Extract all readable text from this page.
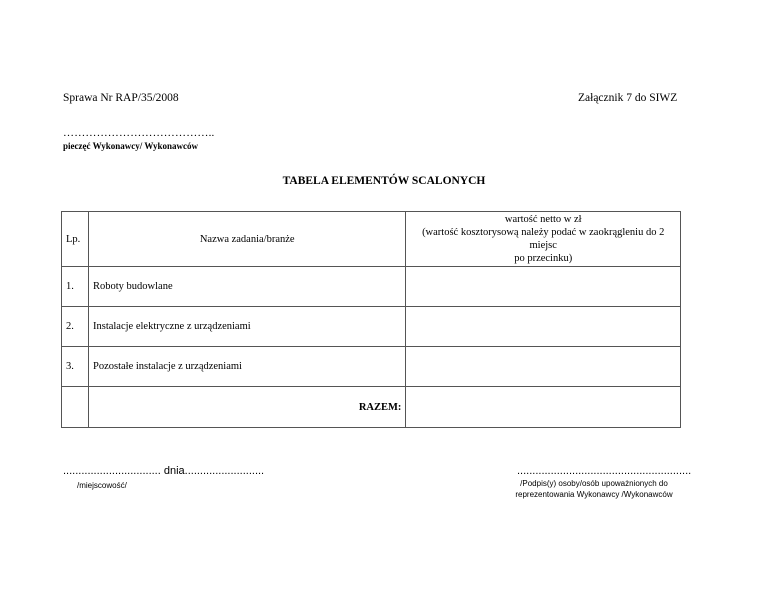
Sprawa Nr RAP/35/2008	Załącznik 7 do SIWZ
…………………………………..
pieczęć Wykonawcy/ Wykonawców
TABELA ELEMENTÓW SCALONYCH
Lp.	Nazwa zadania/branże	wartość netto w zł
(wartość kosztorysową należy podać w zaokrągleniu do 2 miejsc
po przecinku)

1.	Roboty budowlane	
2.	Instalacje elektryczne z urządzeniami	
3.	Pozostałe instalacje z urządzeniami	
	RAZEM:	
................................ dnia..........................
/miejscowość/
.........................................................
/Podpis(y) osoby/osób upoważnionych do reprezentowania Wykonawcy /Wykonawców
